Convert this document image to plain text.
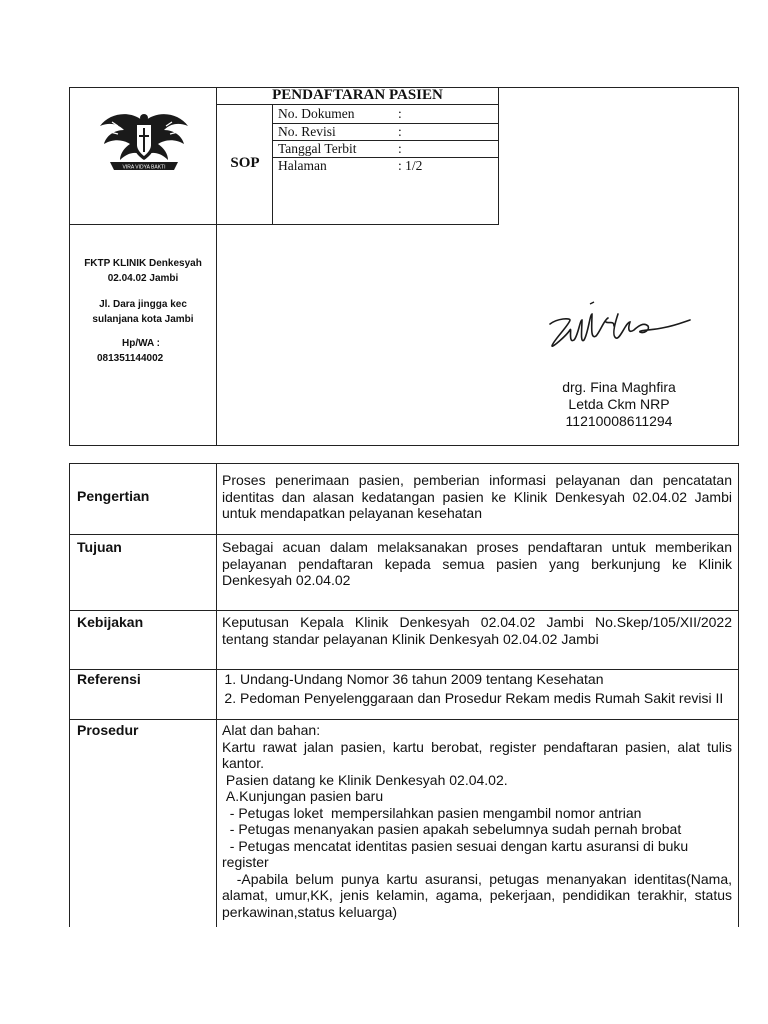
VIRA VIDYA BAKTI
PENDAFTARAN PASIEN
SOP
No. Dokumen	:
No. Revisi	:
Tanggal Terbit	:
Halaman	: 1/2
FKTP KLINIK Denkesyah
02.04.02 Jambi
Jl. Dara jingga kec
sulanjana kota Jambi
Hp/WA :
081351144002
drg. Fina Maghfira
Letda Ckm NRP
11210008611294
Pengertian
Proses penerimaan pasien, pemberian informasi pelayanan dan pencatatan identitas dan alasan kedatangan pasien ke Klinik Denkesyah 02.04.02 Jambi untuk mendapatkan pelayanan kesehatan
Tujuan	Sebagai acuan dalam melaksanakan proses pendaftaran untuk memberikan pelayanan pendaftaran kepada semua pasien yang berkunjung ke Klinik Denkesyah 02.04.02
Kebijakan	Keputusan Kepala Klinik Denkesyah 02.04.02 Jambi No.Skep/105/XII/2022 tentang standar pelayanan Klinik Denkesyah 02.04.02 Jambi
Referensi
1.	Undang-Undang Nomor 36 tahun 2009 tentang Kesehatan
2. Pedoman Penyelenggaraan dan Prosedur Rekam medis Rumah Sakit revisi II
Prosedur	Alat dan bahan:
Kartu rawat jalan pasien, kartu berobat, register pendaftaran pasien, alat tulis kantor.
Pasien datang ke Klinik Denkesyah 02.04.02.
A.Kunjungan pasien baru
- Petugas loket  mempersilahkan pasien mengambil nomor antrian
- Petugas menanyakan pasien apakah sebelumnya sudah pernah brobat
- Petugas mencatat identitas pasien sesuai dengan kartu asuransi di buku register
-Apabila belum punya kartu asuransi, petugas menanyakan identitas(Nama, alamat, umur,KK, jenis kelamin, agama, pekerjaan, pendidikan terakhir, status perkawinan,status keluarga)
